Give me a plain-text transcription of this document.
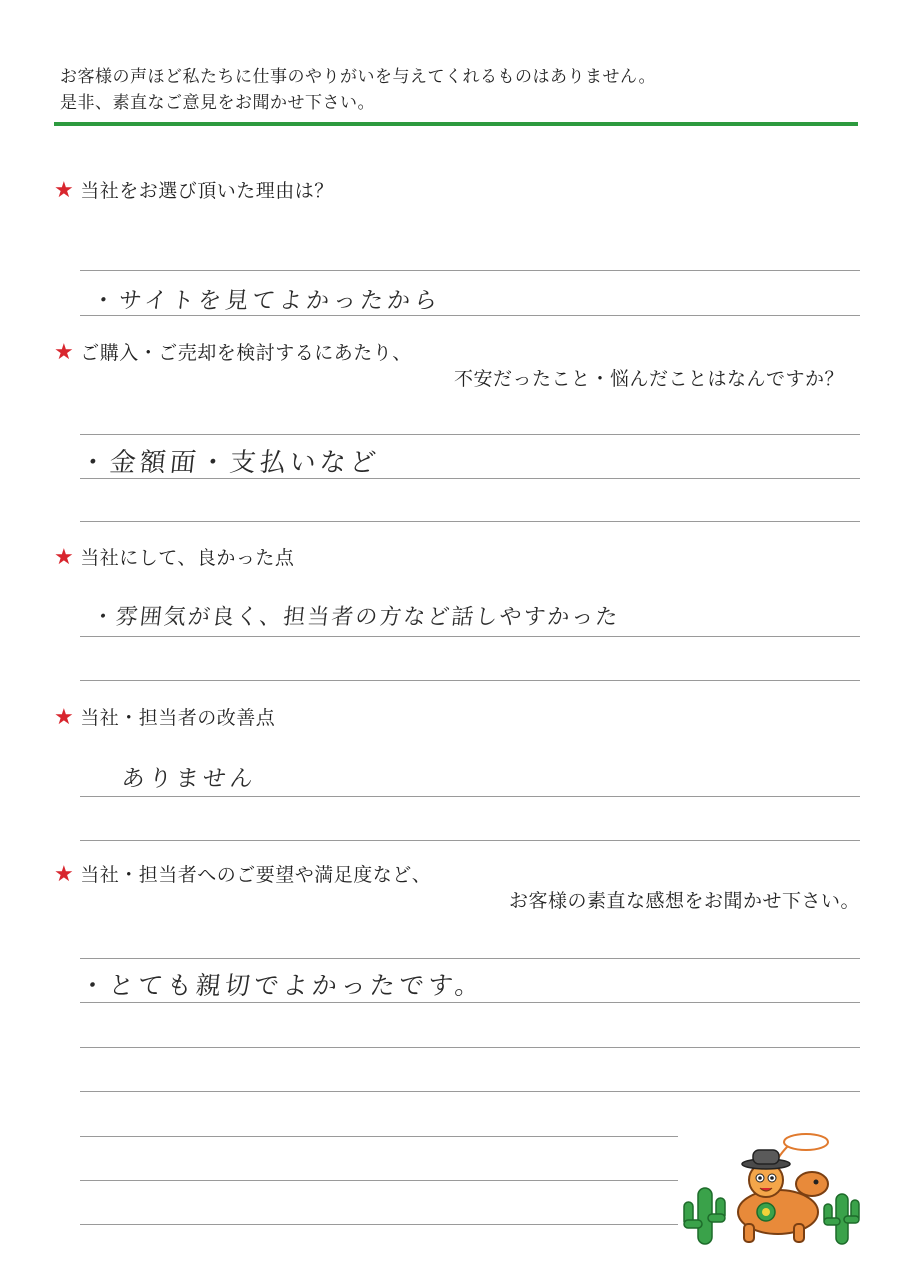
お客様の声ほど私たちに仕事のやりがいを与えてくれるものはありません。
是非、素直なご意見をお聞かせ下さい。
★ 当社をお選び頂いた理由は？
・サイトを見てよかったから
★ ご購入・ご売却を検討するにあたり、
不安だったこと・悩んだことはなんですか？
・金額面・支払いなど
★ 当社にして、良かった点
・雰囲気が良く、担当者の方など話しやすかった
★ 当社・担当者の改善点
ありません
★ 当社・担当者へのご要望や満足度など、
お客様の素直な感想をお聞かせ下さい。
・とても親切でよかったです。
